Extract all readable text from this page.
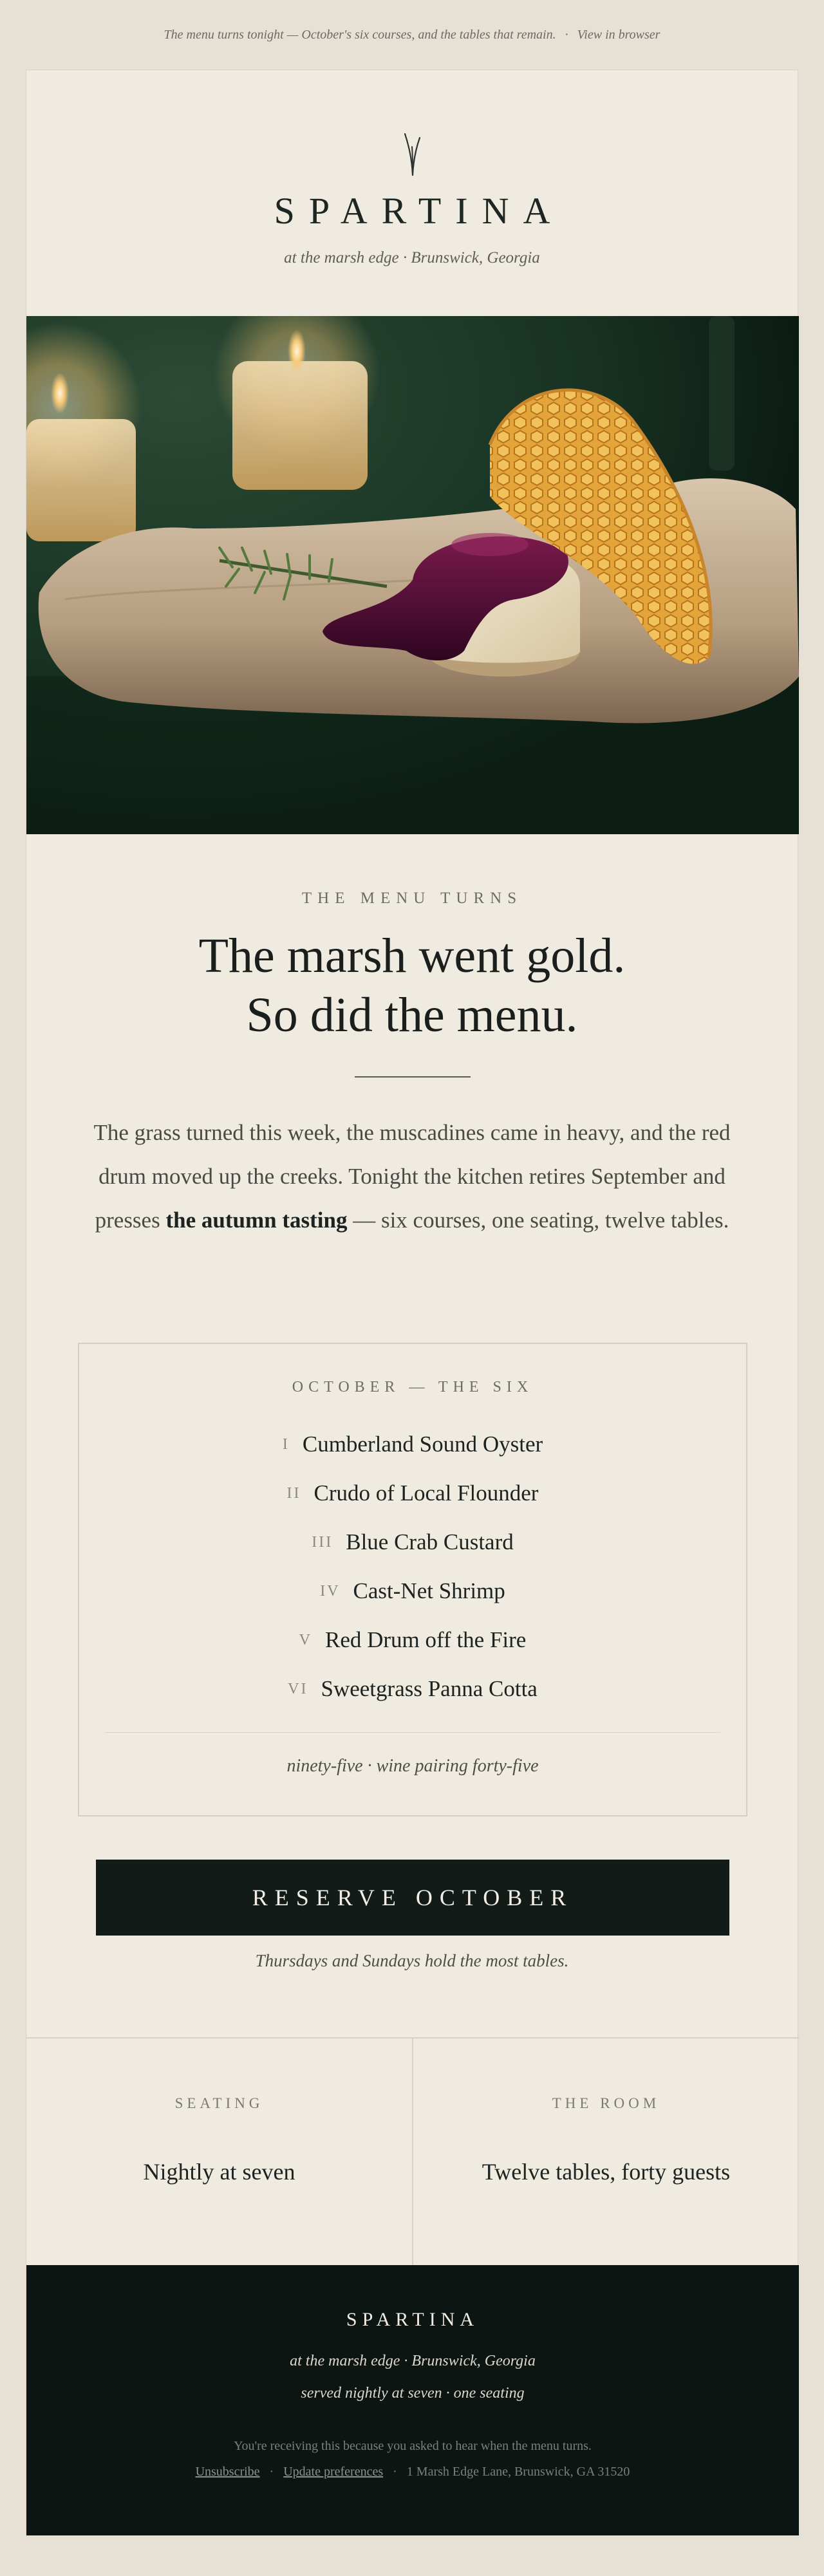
The menu turns tonight — October's six courses, and the tables that remain. · View in browser
SPARTINA
at the marsh edge · Brunswick, Georgia
THE MENU TURNS
The marsh went gold.
So did the menu.

The grass turned this week, the muscadines came in heavy, and the red drum moved up the creeks. Tonight the kitchen retires September and presses the autumn tasting — six courses, one seating, twelve tables.

OCTOBER — THE SIX
I Cumberland Sound Oyster
II Crudo of Local Flounder
III Blue Crab Custard
IV Cast-Net Shrimp
V Red Drum off the Fire
VI Sweetgrass Panna Cotta
ninety-five · wine pairing forty-five
RESERVE OCTOBER
Thursdays and Sundays hold the most tables.
SEATING
Nightly at seven
THE ROOM
Twelve tables, forty guests
SPARTINA
at the marsh edge · Brunswick, Georgia
served nightly at seven · one seating
You're receiving this because you asked to hear when the menu turns.
Unsubscribe · Update preferences · 1 Marsh Edge Lane, Brunswick, GA 31520
